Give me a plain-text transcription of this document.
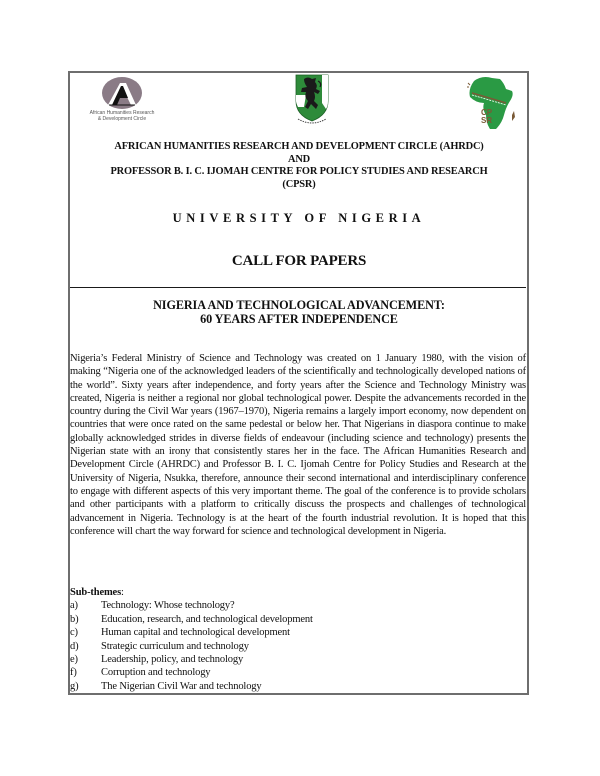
African Humanities Research
& Development Circle
CP
SR
AFRICAN HUMANITIES RESEARCH AND DEVELOPMENT CIRCLE (AHRDC)
AND
PROFESSOR B. I. C. IJOMAH CENTRE FOR POLICY STUDIES AND RESEARCH
(CPSR)
UNIVERSITY OF NIGERIA
CALL FOR PAPERS
NIGERIA AND TECHNOLOGICAL ADVANCEMENT:
60 YEARS AFTER INDEPENDENCE
Nigeria’s Federal Ministry of Science and Technology was created on 1 January 1980, with the vision of making “Nigeria one of the acknowledged leaders of the scientifically and technologically developed nations of the world”. Sixty years after independence, and forty years after the Science and Technology Ministry was created, Nigeria is neither a regional nor global technological power. Despite the advancements recorded in the country during the Civil War years (1967–1970), Nigeria remains a largely import economy, now dependent on countries that were once rated on the same pedestal or below her. That Nigerians in diaspora continue to make globally acknowledged strides in diverse fields of endeavour (including science and technology) presents the Nigerian state with an irony that consistently stares her in the face. The African Humanities Research and Development Circle (AHRDC) and Professor B. I. C. Ijomah Centre for Policy Studies and Research at the University of Nigeria, Nsukka, therefore, announce their second international and interdisciplinary conference to engage with different aspects of this very important theme. The goal of the conference is to provide scholars and other participants with a platform to critically discuss the prospects and challenges of technological advancement in Nigeria. Technology is at the heart of the fourth industrial revolution. It is hoped that this conference will chart the way forward for science and technological development in Nigeria.
Sub-themes:
a)	Technology: Whose technology?
b)	Education, research, and technological development
c)	Human capital and technological development
d)	Strategic curriculum and technology
e)	Leadership, policy, and technology
f)	Corruption and technology
g)	The Nigerian Civil War and technology
